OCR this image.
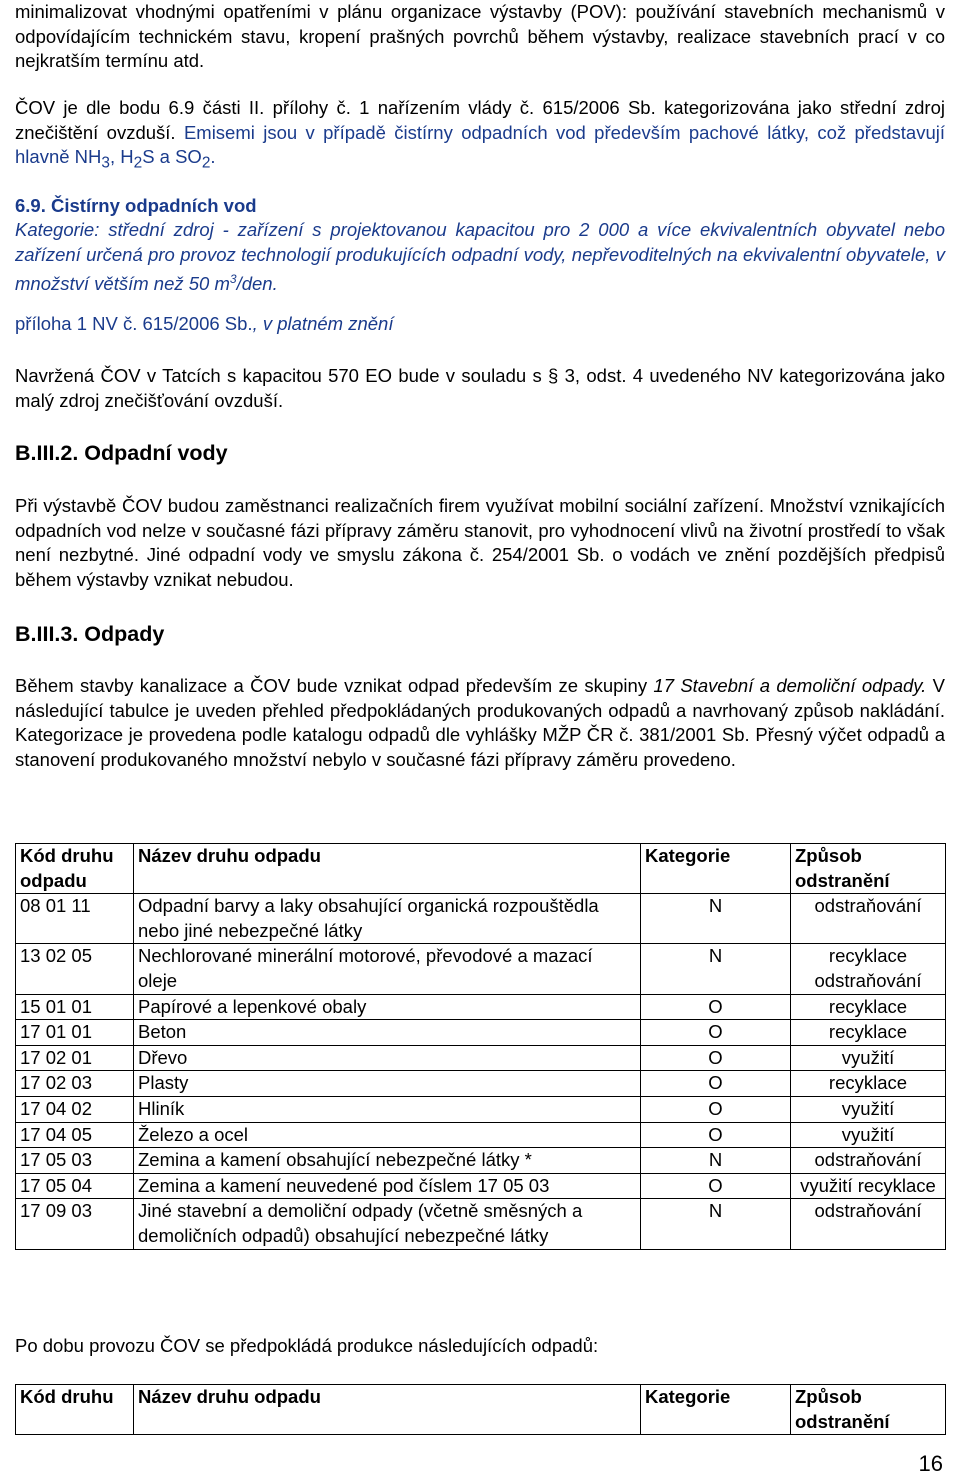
minimalizovat vhodnými opatřeními v plánu organizace výstavby (POV): používání stavebních mechanismů v odpovídajícím technickém stavu, kropení prašných povrchů během výstavby, realizace stavebních prací v co nejkratším termínu atd.

ČOV je dle bodu 6.9 části II. přílohy č. 1 nařízením vlády č. 615/2006 Sb. kategorizována jako střední zdroj znečištění ovzduší. Emisemi jsou v případě čistírny odpadních vod především pachové látky, což představují hlavně $NH_3$, $H_2S$ a $SO_2$.

6.9. Čistírny odpadních vod

Kategorie: střední zdroj - zařízení s projektovanou kapacitou pro 2 000 a více ekvivalentních obyvatel nebo zařízení určená pro provoz technologií produkujících odpadní vody, nepřevoditelných na ekvivalentní obyvatele, v množství větším než 50 $m^3$/den.

příloha 1 NV č. 615/2006 Sb., v platném znění

Navržená ČOV v Tatcích s kapacitou 570 EO bude v souladu s § 3, odst. 4 uvedeného NV kategorizována jako malý zdroj znečišťování ovzduší.

B.III.2. Odpadní vody

Při výstavbě ČOV budou zaměstnanci realizačních firem využívat mobilní sociální zařízení. Množství vznikajících odpadních vod nelze v současné fázi přípravy záměru stanovit, pro vyhodnocení vlivů na životní prostředí to však není nezbytné. Jiné odpadní vody ve smyslu zákona č. 254/2001 Sb. o vodách ve znění pozdějších předpisů během výstavby vznikat nebudou.

B.III.3. Odpady

Během stavby kanalizace a ČOV bude vznikat odpad především ze skupiny 17 Stavební a demoliční odpady. V následující tabulce je uveden přehled předpokládaných produkovaných odpadů a navrhovaný způsob nakládání. Kategorizace je provedena podle katalogu odpadů dle vyhlášky MŽP ČR č. 381/2001 Sb. Přesný výčet odpadů a stanovení produkovaného množství nebylo v současné fázi přípravy záměru provedeno.

Kód druhu odpadu	Název druhu odpadu	Kategorie	Způsob odstranění
08 01 11	Odpadní barvy a laky obsahující organická rozpouštědla nebo jiné nebezpečné látky	N	odstraňování
13 02 05	Nechlorované minerální motorové, převodové a mazací oleje	N	recyklace odstraňování
15 01 01	Papírové a lepenkové obaly	O	recyklace
17 01 01	Beton	O	recyklace
17 02 01	Dřevo	O	využití
17 02 03	Plasty	O	recyklace
17 04 02	Hliník	O	využití
17 04 05	Železo a ocel	O	využití
17 05 03	Zemina a kamení obsahující nebezpečné látky *	N	odstraňování
17 05 04	Zemina a kamení neuvedené pod číslem 17 05 03	O	využití recyklace
17 09 03	Jiné stavební a demoliční odpady (včetně směsných a demoličních odpadů) obsahující nebezpečné látky	N	odstraňování

Po dobu provozu ČOV se předpokládá produkce následujících odpadů:

Kód druhu	Název druhu odpadu	Kategorie	Způsob odstranění
16
